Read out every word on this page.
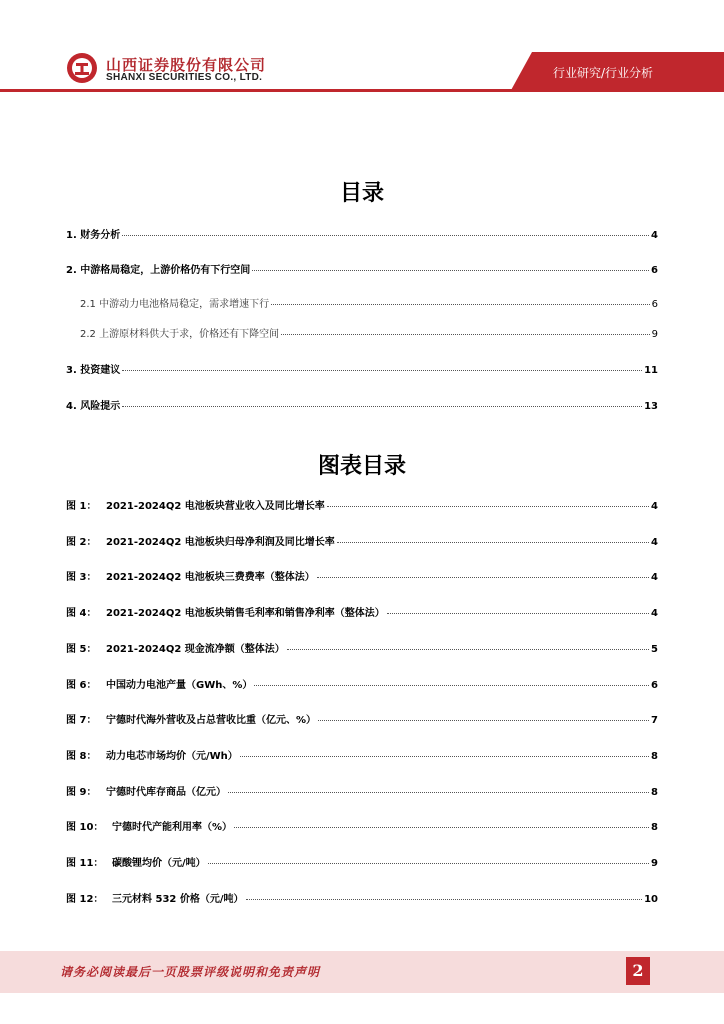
山西证券股份有限公司
SHANXI SECURITIES CO., LTD.	行业研究/行业分析
目录
1. 财务分析	4
2. 中游格局稳定，上游价格仍有下行空间	6
2.1 中游动力电池格局稳定，需求增速下行	6
2.2 上游原材料供大于求，价格还有下降空间	9
3. 投资建议	11
4. 风险提示	13
图表目录
图 1： 2021-2024Q2 电池板块营业收入及同比增长率	4
图 2： 2021-2024Q2 电池板块归母净利润及同比增长率	4
图 3： 2021-2024Q2 电池板块三费费率（整体法）	4
图 4： 2021-2024Q2 电池板块销售毛利率和销售净利率（整体法）	4
图 5： 2021-2024Q2 现金流净额（整体法）	5
图 6： 中国动力电池产量（GWh、%）	6
图 7： 宁德时代海外营收及占总营收比重（亿元、%）	7
图 8： 动力电芯市场均价（元/Wh）	8
图 9： 宁德时代库存商品（亿元）	8
图 10： 宁德时代产能利用率（%）	8
图 11： 碳酸锂均价（元/吨）	9
图 12： 三元材料 532 价格（元/吨）	10
请务必阅读最后一页股票评级说明和免责声明	2
